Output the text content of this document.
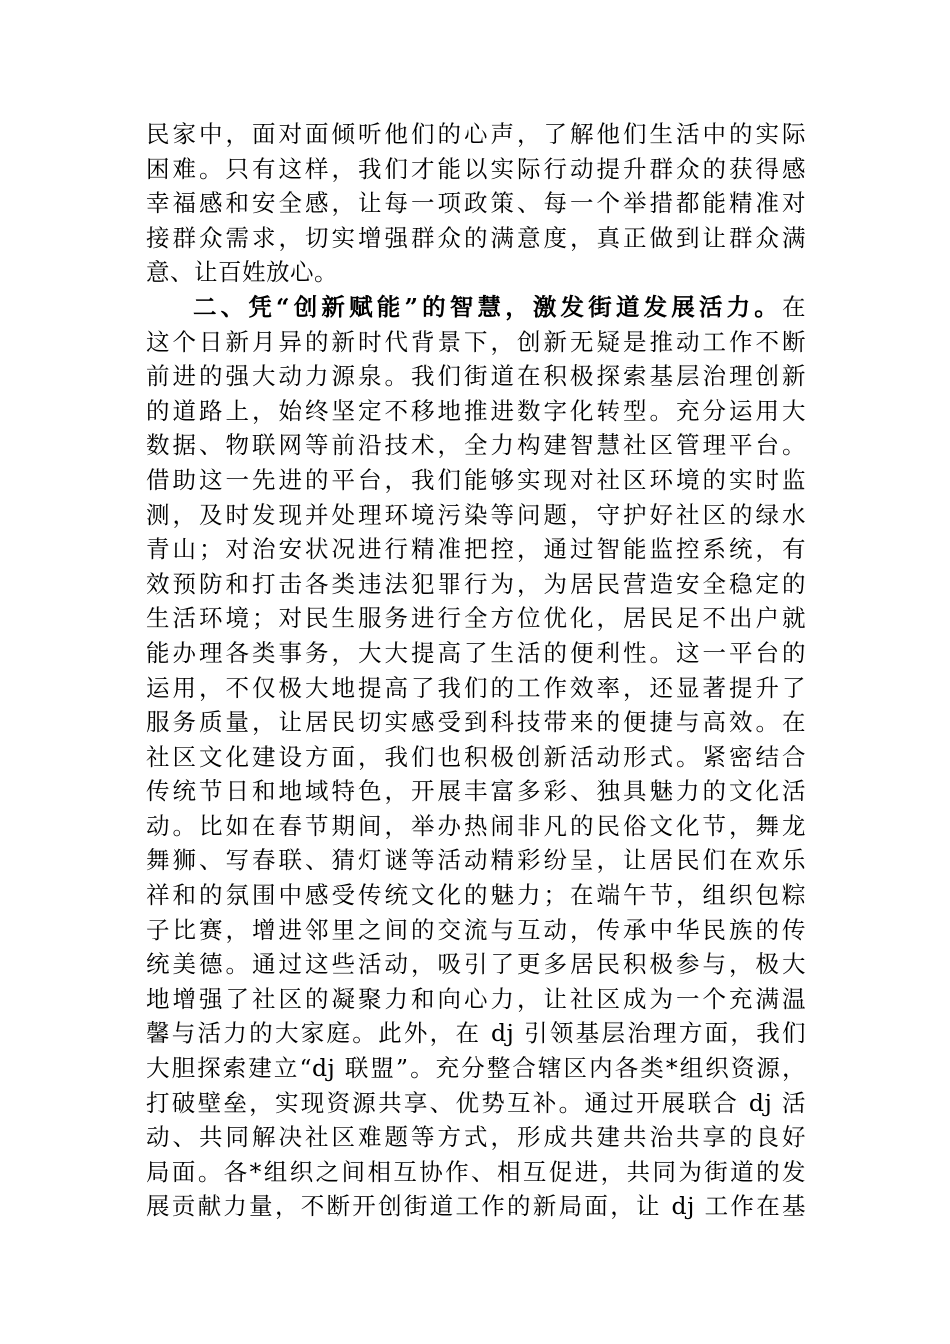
民家中，面对面倾听他们的心声，了解他们生活中的实际
困难。只有这样，我们才能以实际行动提升群众的获得感
幸福感和安全感，让每一项政策、每一个举措都能精准对
接群众需求，切实增强群众的满意度，真正做到让群众满
意、让百姓放心。
二、凭“创新赋能”的智慧，激发街道发展活力。在
这个日新月异的新时代背景下，创新无疑是推动工作不断
前进的强大动力源泉。我们街道在积极探索基层治理创新
的道路上，始终坚定不移地推进数字化转型。充分运用大
数据、物联网等前沿技术，全力构建智慧社区管理平台。
借助这一先进的平台，我们能够实现对社区环境的实时监
测，及时发现并处理环境污染等问题，守护好社区的绿水
青山；对治安状况进行精准把控，通过智能监控系统，有
效预防和打击各类违法犯罪行为，为居民营造安全稳定的
生活环境；对民生服务进行全方位优化，居民足不出户就
能办理各类事务，大大提高了生活的便利性。这一平台的
运用，不仅极大地提高了我们的工作效率，还显著提升了
服务质量，让居民切实感受到科技带来的便捷与高效。在
社区文化建设方面，我们也积极创新活动形式。紧密结合
传统节日和地域特色，开展丰富多彩、独具魅力的文化活
动。比如在春节期间，举办热闹非凡的民俗文化节，舞龙
舞狮、写春联、猜灯谜等活动精彩纷呈，让居民们在欢乐
祥和的氛围中感受传统文化的魅力；在端午节，组织包粽
子比赛，增进邻里之间的交流与互动，传承中华民族的传
统美德。通过这些活动，吸引了更多居民积极参与，极大
地增强了社区的凝聚力和向心力，让社区成为一个充满温
馨与活力的大家庭。此外，在 dj 引领基层治理方面，我们
大胆探索建立“dj 联盟”。充分整合辖区内各类*组织资源，
打破壁垒，实现资源共享、优势互补。通过开展联合 dj 活
动、共同解决社区难题等方式，形成共建共治共享的良好
局面。各*组织之间相互协作、相互促进，共同为街道的发
展贡献力量，不断开创街道工作的新局面，让 dj 工作在基
